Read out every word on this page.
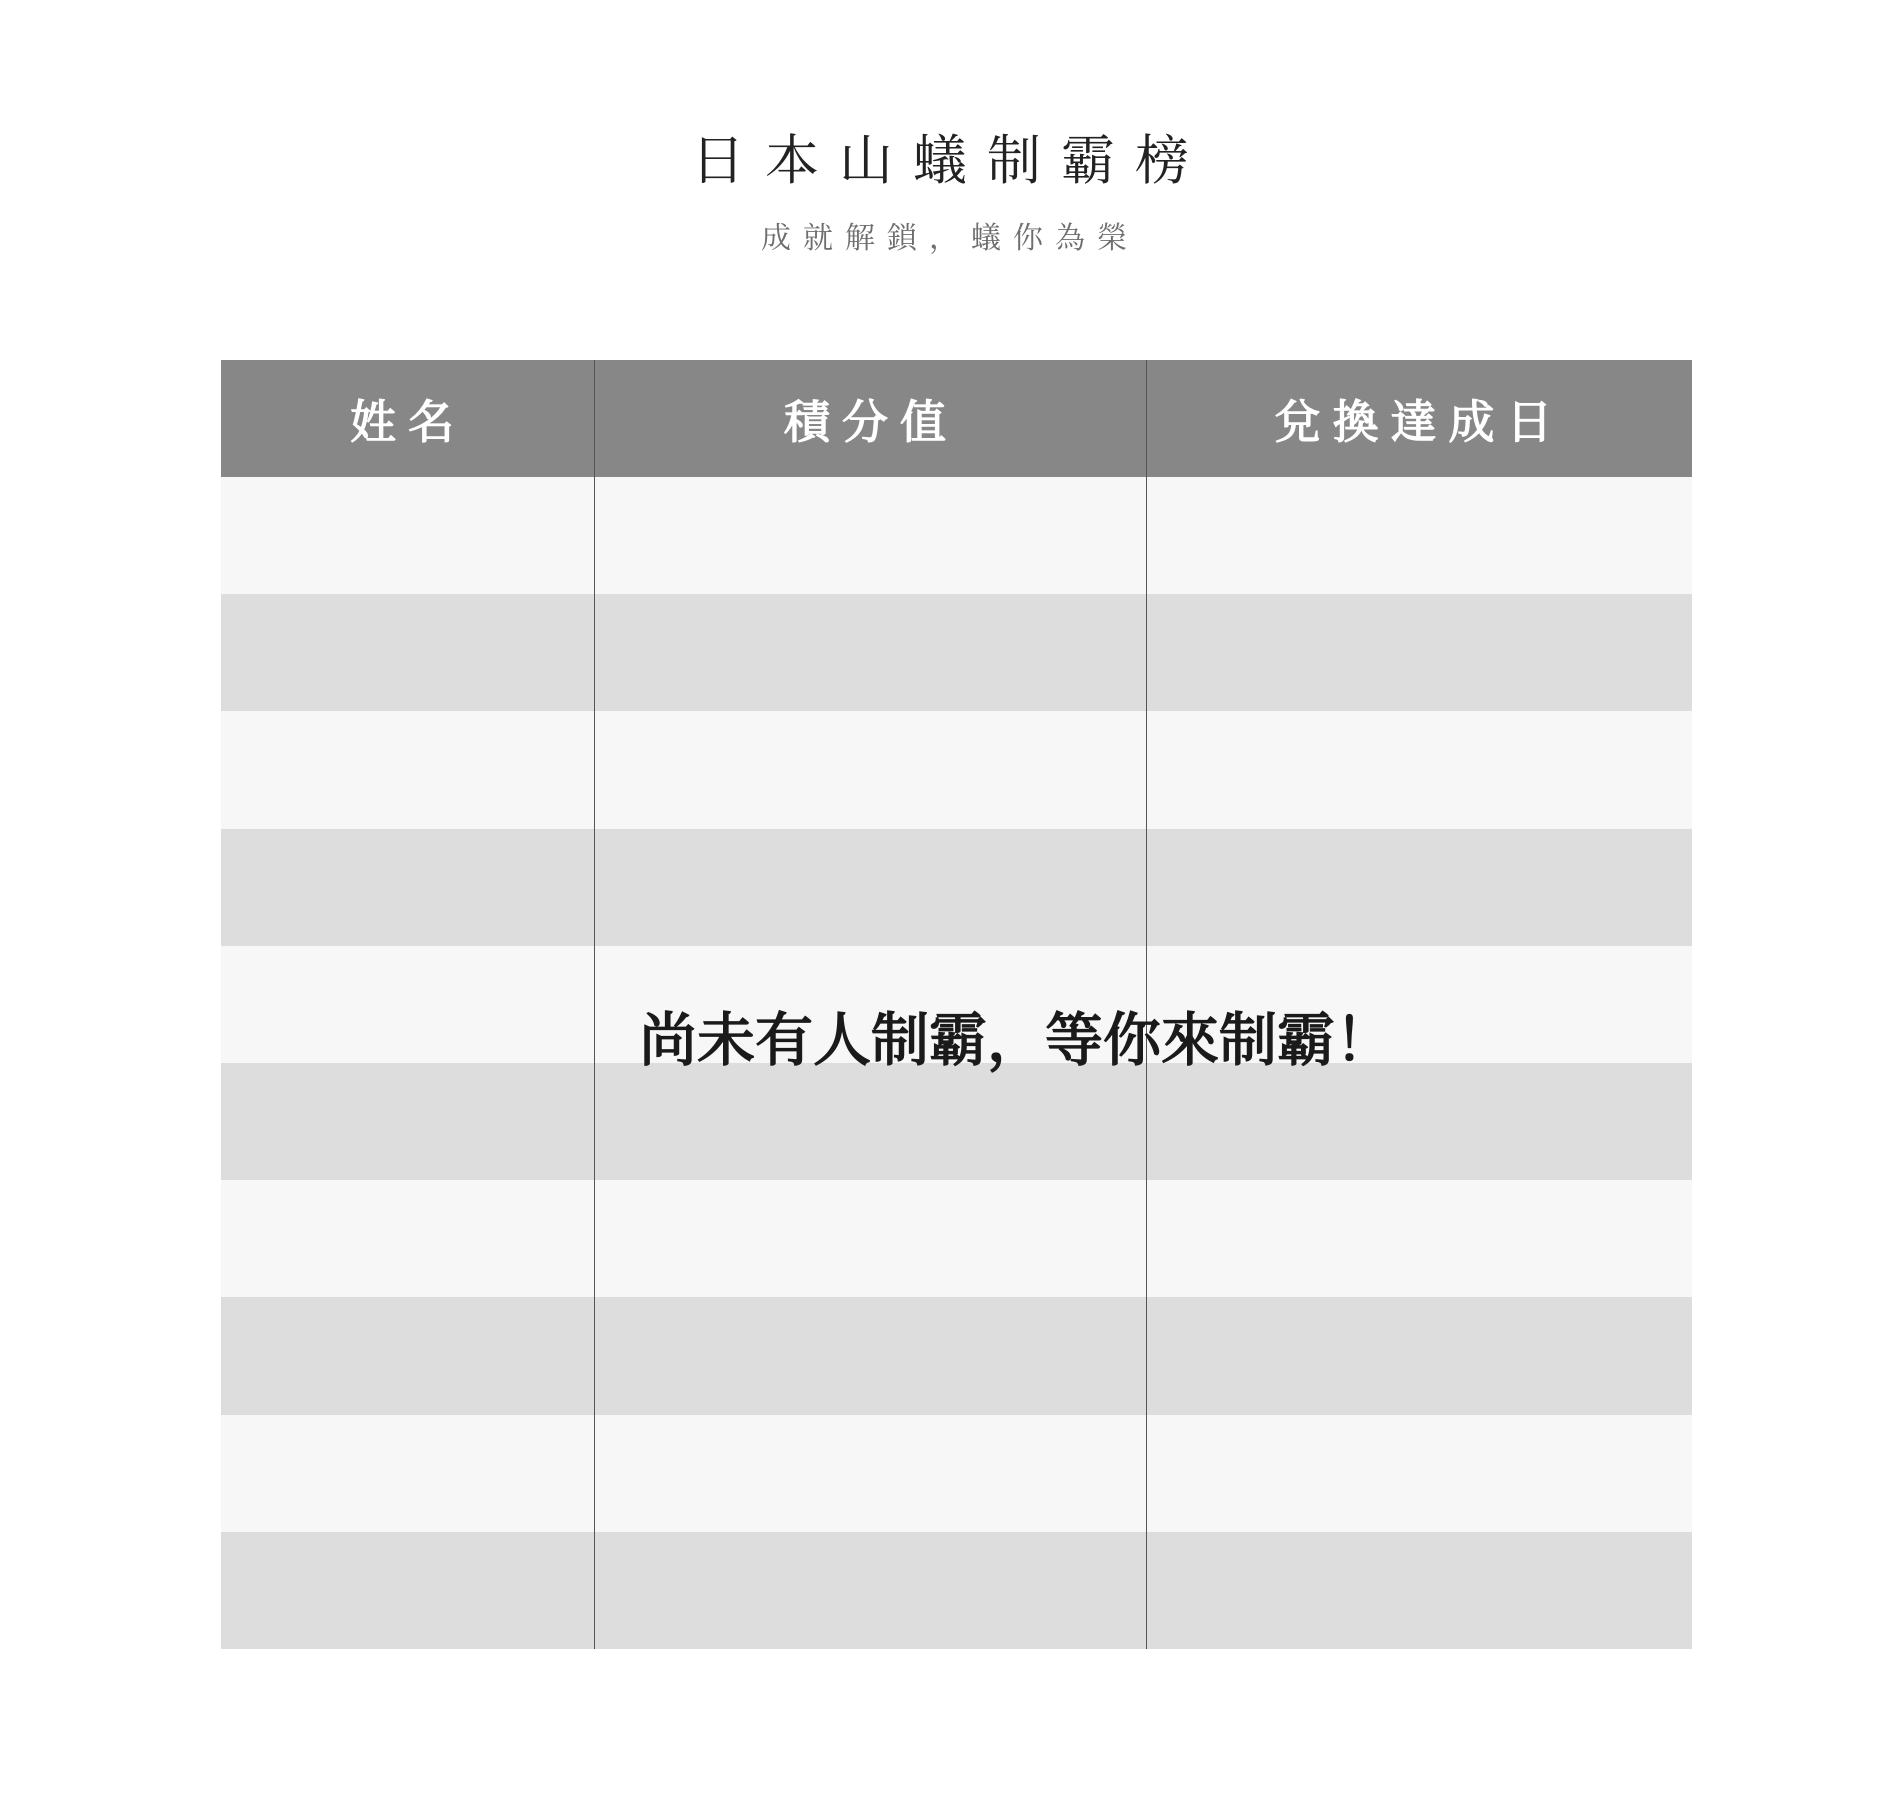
日本山蟻制霸榜

成就解鎖，蟻你為榮

姓名	積分值	兌換達成日

尚未有人制霸，等你來制霸！
